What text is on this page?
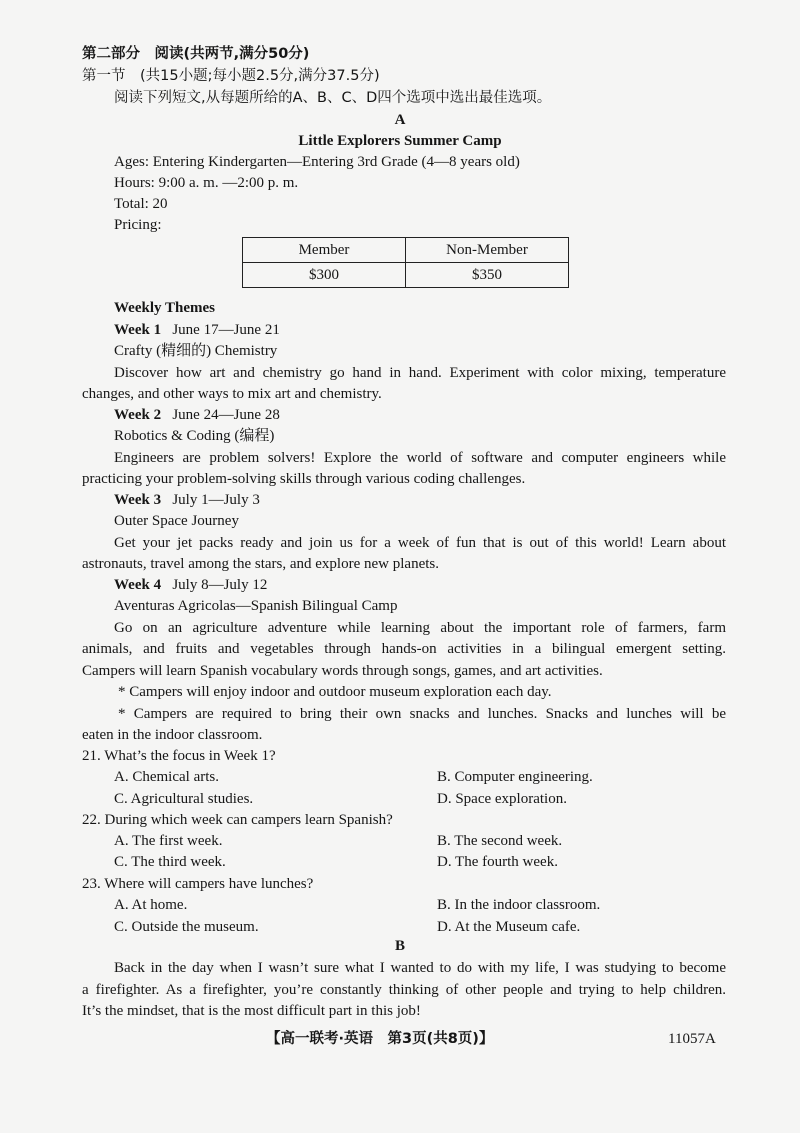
第二部分　阅读(共两节,满分50分)
第一节　(共15小题;每小题2.5分,满分37.5分)
阅读下列短文,从每题所给的A、B、C、D四个选项中选出最佳选项。
A
Little Explorers Summer Camp
Ages: Entering Kindergarten—Entering 3rd Grade (4—8 years old)
Hours: 9:00 a. m. —2:00 p. m.
Total: 20
Pricing:
Member	Non-Member
$300	$350
Weekly Themes
Week 1 June 17—June 21
Crafty (精细的) Chemistry
Discover how art and chemistry go hand in hand. Experiment with color mixing, temperature
changes, and other ways to mix art and chemistry.
Week 2 June 24—June 28
Robotics & Coding (编程)
Engineers are problem solvers! Explore the world of software and computer engineers while
practicing your problem-solving skills through various coding challenges.
Week 3 July 1—July 3
Outer Space Journey
Get your jet packs ready and join us for a week of fun that is out of this world! Learn about
astronauts, travel among the stars, and explore new planets.
Week 4 July 8—July 12
Aventuras Agricolas—Spanish Bilingual Camp
Go on an agriculture adventure while learning about the important role of farmers, farm
animals, and fruits and vegetables through hands-on activities in a bilingual emergent setting.
Campers will learn Spanish vocabulary words through songs, games, and art activities.
* Campers will enjoy indoor and outdoor museum exploration each day.
* Campers are required to bring their own snacks and lunches. Snacks and lunches will be
eaten in the indoor classroom.
21. What’s the focus in Week 1?
A. Chemical arts.	B. Computer engineering.
C. Agricultural studies.	D. Space exploration.
22. During which week can campers learn Spanish?
A. The first week.	B. The second week.
C. The third week.	D. The fourth week.
23. Where will campers have lunches?
A. At home.	B. In the indoor classroom.
C. Outside the museum.	D. At the Museum cafe.
B
Back in the day when I wasn’t sure what I wanted to do with my life, I was studying to become
a firefighter. As a firefighter, you’re constantly thinking of other people and trying to help children.
It’s the mindset, that is the most difficult part in this job!
【高一联考·英语　第3页(共8页)】	11057A
